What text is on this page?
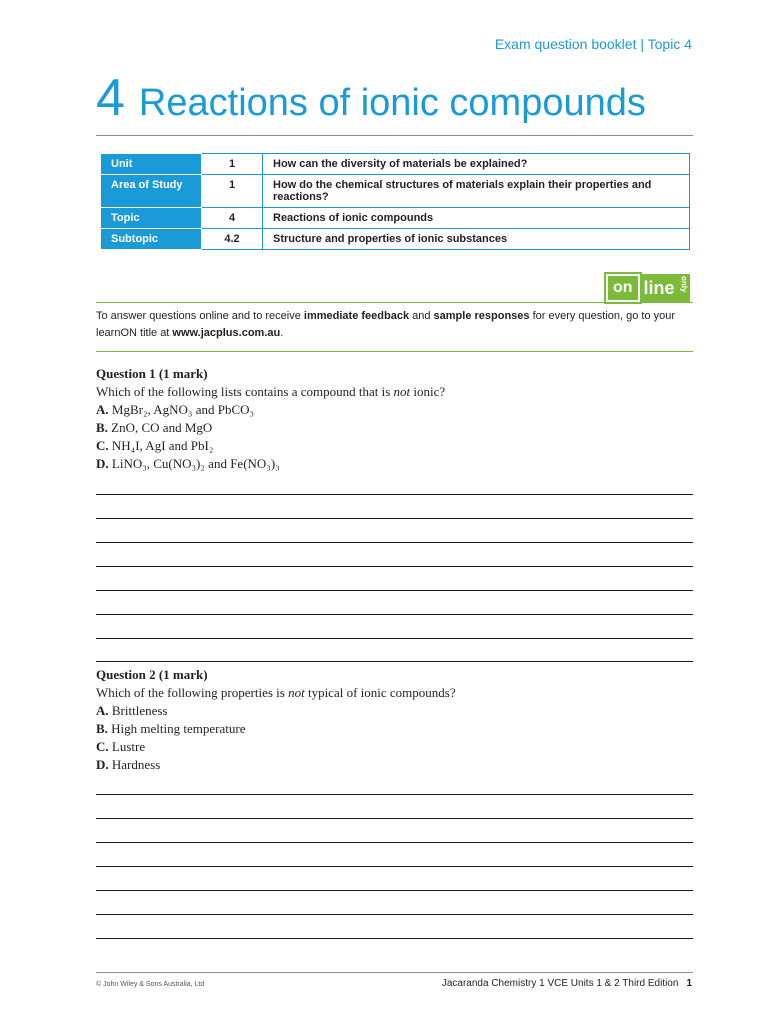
Exam question booklet | Topic 4
4 Reactions of ionic compounds
Unit	1	How can the diversity of materials be explained?
Area of Study	1	How do the chemical structures of materials explain their properties and reactions?
Topic	4	Reactions of ionic compounds
Subtopic	4.2	Structure and properties of ionic substances
on line only
To answer questions online and to receive immediate feedback and sample responses for every question, go to your learnON title at www.jacplus.com.au.
Question 1 (1 mark)
Which of the following lists contains a compound that is not ionic?
A. MgBr₂, AgNO₃ and PbCO₃
B. ZnO, CO and MgO
C. NH₄I, AgI and PbI₂
D. LiNO₃, Cu(NO₃)₂ and Fe(NO₃)₃
Question 2 (1 mark)
Which of the following properties is not typical of ionic compounds?
A. Brittleness
B. High melting temperature
C. Lustre
D. Hardness
© John Wiley & Sons Australia, Ltd	Jacaranda Chemistry 1 VCE Units 1 & 2 Third Edition 1
